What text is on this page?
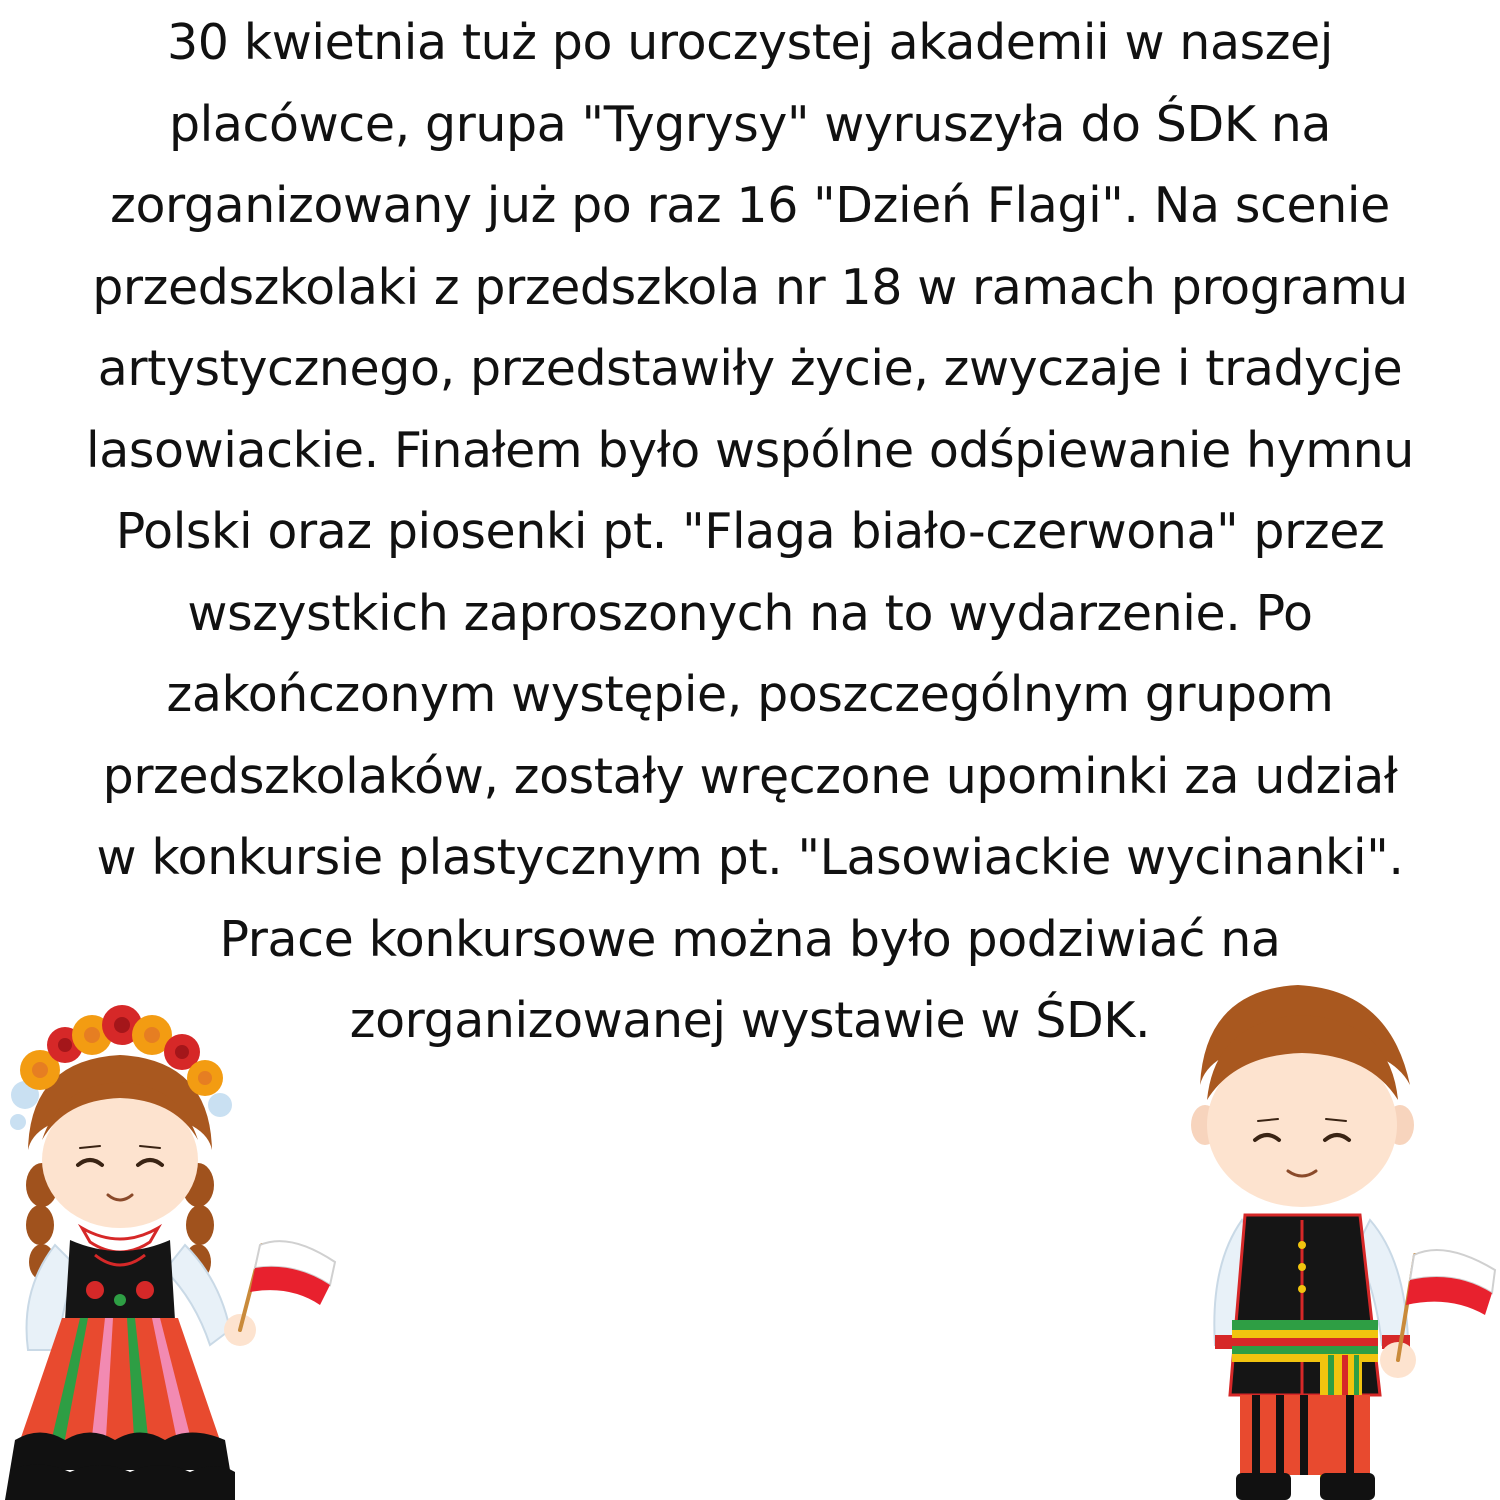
30 kwietnia tuż po uroczystej akademii w naszej
placówce, grupa "Tygrysy" wyruszyła do ŚDK na
zorganizowany już po raz 16 "Dzień Flagi". Na scenie
przedszkolaki z przedszkola nr 18 w ramach programu
artystycznego, przedstawiły życie, zwyczaje i tradycje
lasowiackie. Finałem było wspólne odśpiewanie hymnu
Polski oraz piosenki pt. "Flaga biało-czerwona" przez
wszystkich zaproszonych na to wydarzenie. Po
zakończonym występie, poszczególnym grupom
przedszkolaków, zostały wręczone upominki za udział
w konkursie plastycznym pt. "Lasowiackie wycinanki".
Prace konkursowe można było podziwiać na
zorganizowanej wystawie w ŚDK.
